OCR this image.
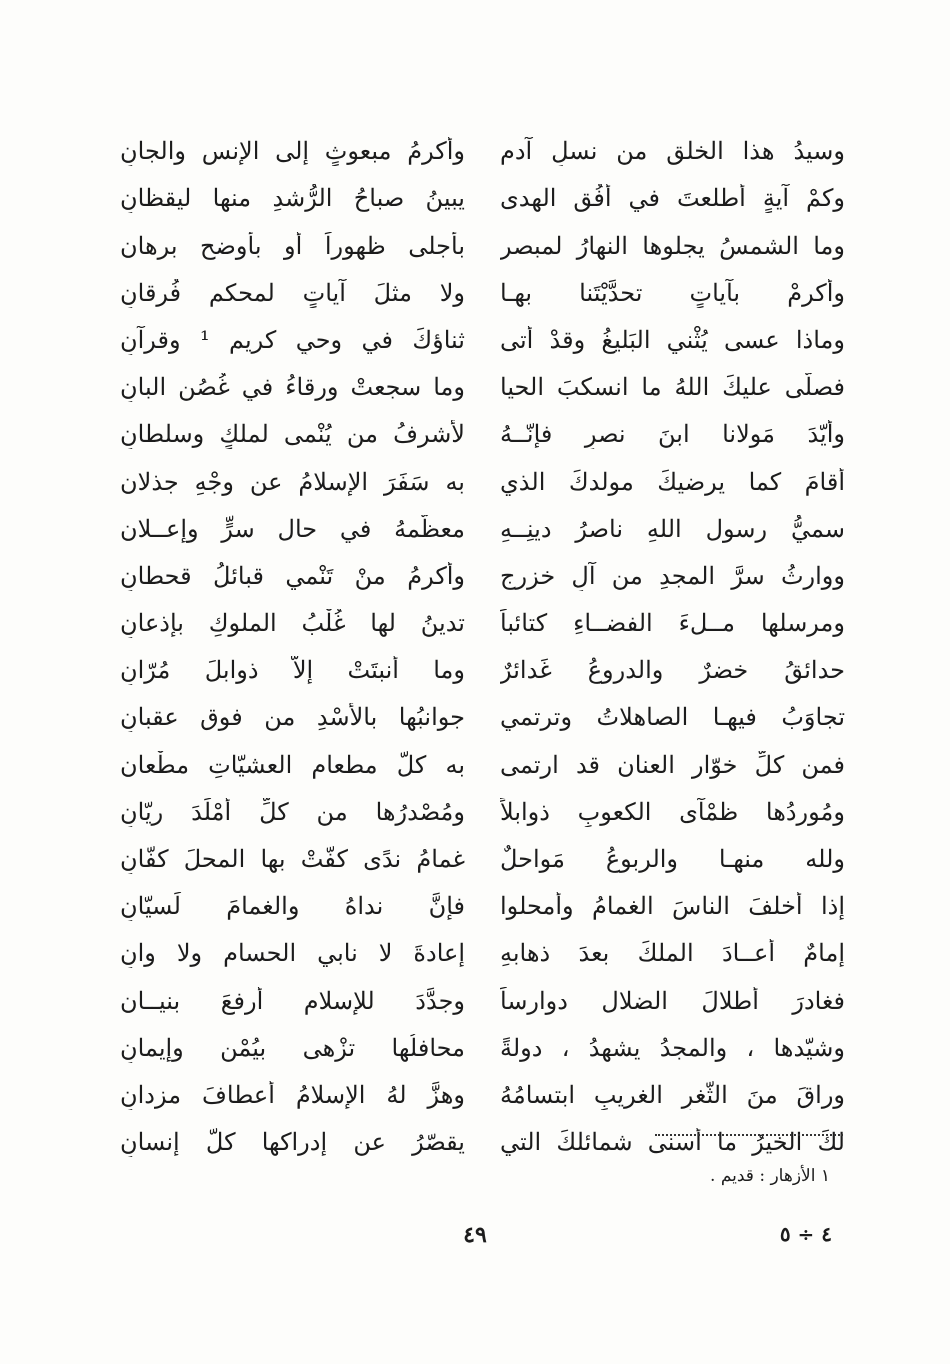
وسيدُ هذا الخلقِ من نسلِ آدمٍ
وأكرمُ مبعوثٍ إلى الإنسِ والجانِ
وكمْ آيةٍ أطلعتَ في أُفُقِ الهدى
يبينُ صباحُ الرُّشدِ منها ليقظانِ
وما الشمسُ يجلوها النهارُ لمبصرٍ
بأجلى ظهوراً أو بأوضحِ برهانِ
وأكرمْ بآياتٍ تحدَّيْتَنا بهـا
ولا مثلَ آياتٍ لمحكمِ فُرقانِ
وماذا عسى يُثْني البَليغُ وقدْ أتى
ثناؤكَ في وحيٍ كريمٍ ¹ وقرآنِ
فصلّى عليكَ اللهُ ما انسكبَ الحيا
وما سجعتْ ورقاءُ في غُصُنِ البانِ
وأيّدَ مَولانا ابنَ نصرٍ فإنّــهُ
لأشرفُ من يُنْمى لملكٍ وسلطانِ
أقامَ كما يرضيكَ مولدكَ الذي
به سَفَرَ الإسلامُ عن وجْهِ جذلانِ
سميُّ رسولِ اللهِ ناصرُ دينِــهِ
معظّمهُ في حالِ سرٍّ وإعــلانِ
ووارثُ سرَّ المجدِ من آلِ خزرجٍ
وأكرمُ منْ تَنْمي قبائلُ قحطانِ
ومرسلها مــلءَ الفضــاءِ كتائباً
تدينُ لها غُلْبُ الملوكِ بإذعانِ
حدائقُ خضرٌ والدروعُ غَدائرٌ
وما أنبتَتْ إلاّ ذوابلَ مُرّانِ
تجاوَبُ فيهـا الصاهلاتُ وترتمي
جوانبُها بالأسْدِ من فوقِ عقبانِ
فمن كلِّ خوّارِ العنانِ قد ارتمى
به كلُّ مطعامِ العشيّاتِ مطْعانِ
ومُوردُها ظمْآى الكعوبِ ذوابلاً
ومُصْدرُها من كلِّ أمْلَدَ ريّانِ
ولله منهـا والربوعُ مَواحلٌ
غمامُ ندًى كفّتْ بها المحلَ كفّانِ
إذا أخلفَ الناسَ الغمامُ وأمحلوا
فإنَّ نداهُ والغمامَ لَسيّانِ
إمامٌ أعــادَ الملكَ بعدَ ذهابهِ
إعادةَ لا نابي الحسامِ ولا وانِ
فغادرَ أطلالَ الضلالِ دوارساً
وجدَّدَ للإسلامِ أرفعَ بنيــانِ
وشيّدها ، والمجدُ يشهدُ ، دولةً
محافلُها تزْهى بيُمْنٍ وإيمانِ
وراقَ منَ الثّغرِ الغريبِ ابتسامُهُ
وهزَّ لهُ الإسلامُ أعطافَ مزدانِ
لكَ الخيرُ ما أسنى شمائلكَ التي
يقصّرُ عن إدراكها كلُّ إنسانِ
١ الأزهار : قديم .
٤ ÷ ٥
٤٩
